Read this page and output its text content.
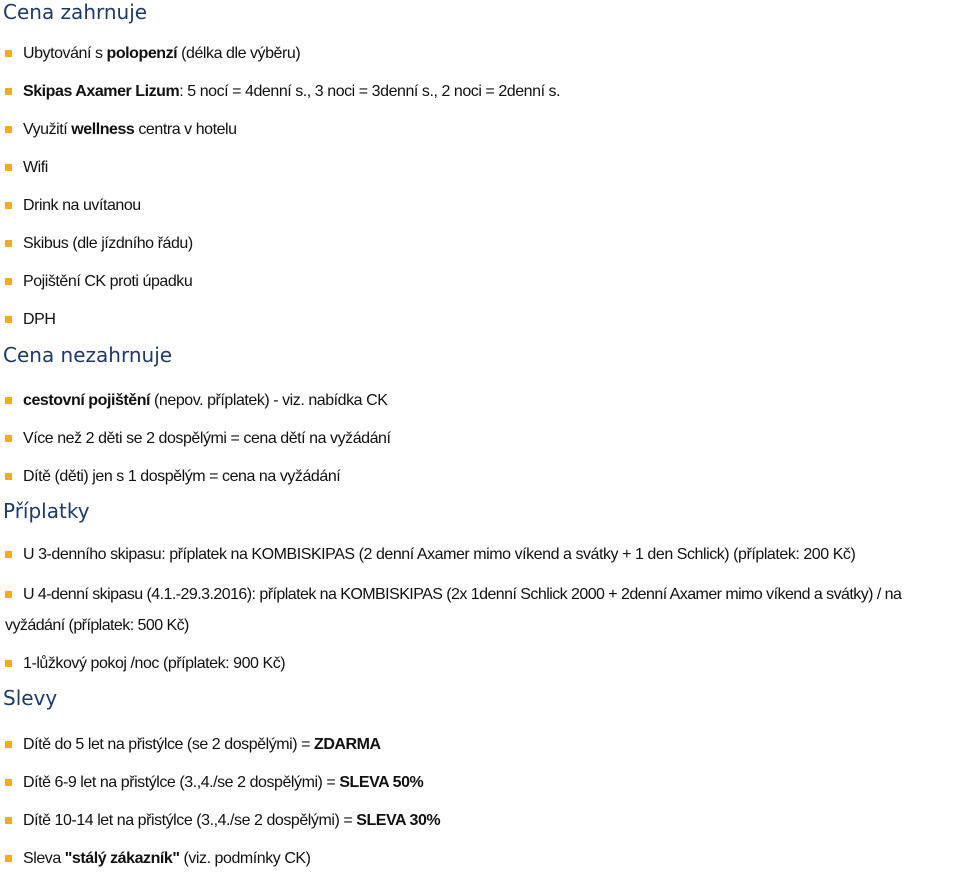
Cena zahrnuje
Ubytování s polopenzí (délka dle výběru)
Skipas Axamer Lizum: 5 nocí = 4denní s., 3 noci = 3denní s., 2 noci = 2denní s.
Využití wellness centra v hotelu
Wifi
Drink na uvítanou
Skibus (dle jízdního řádu)
Pojištění CK proti úpadku
DPH
Cena nezahrnuje
cestovní pojištění (nepov. příplatek) - viz. nabídka CK
Více než 2 děti se 2 dospělými = cena dětí na vyžádání
Dítě (děti) jen s 1 dospělým = cena na vyžádání
Příplatky
U 3-denního skipasu: příplatek na KOMBISKIPAS (2 denní Axamer mimo víkend a svátky + 1 den Schlick) (příplatek: 200 Kč)
U 4-denní skipasu (4.1.-29.3.2016): příplatek na KOMBISKIPAS (2x 1denní Schlick 2000 + 2denní Axamer mimo víkend a svátky) / na vyžádání (příplatek: 500 Kč)
1-lůžkový pokoj /noc (příplatek: 900 Kč)
Slevy
Dítě do 5 let na přistýlce (se 2 dospělými) = ZDARMA
Dítě 6-9 let na přistýlce (3.,4./se 2 dospělými) = SLEVA 50%
Dítě 10-14 let na přistýlce (3.,4./se 2 dospělými) = SLEVA 30%
Sleva "stálý zákazník" (viz. podmínky CK)
